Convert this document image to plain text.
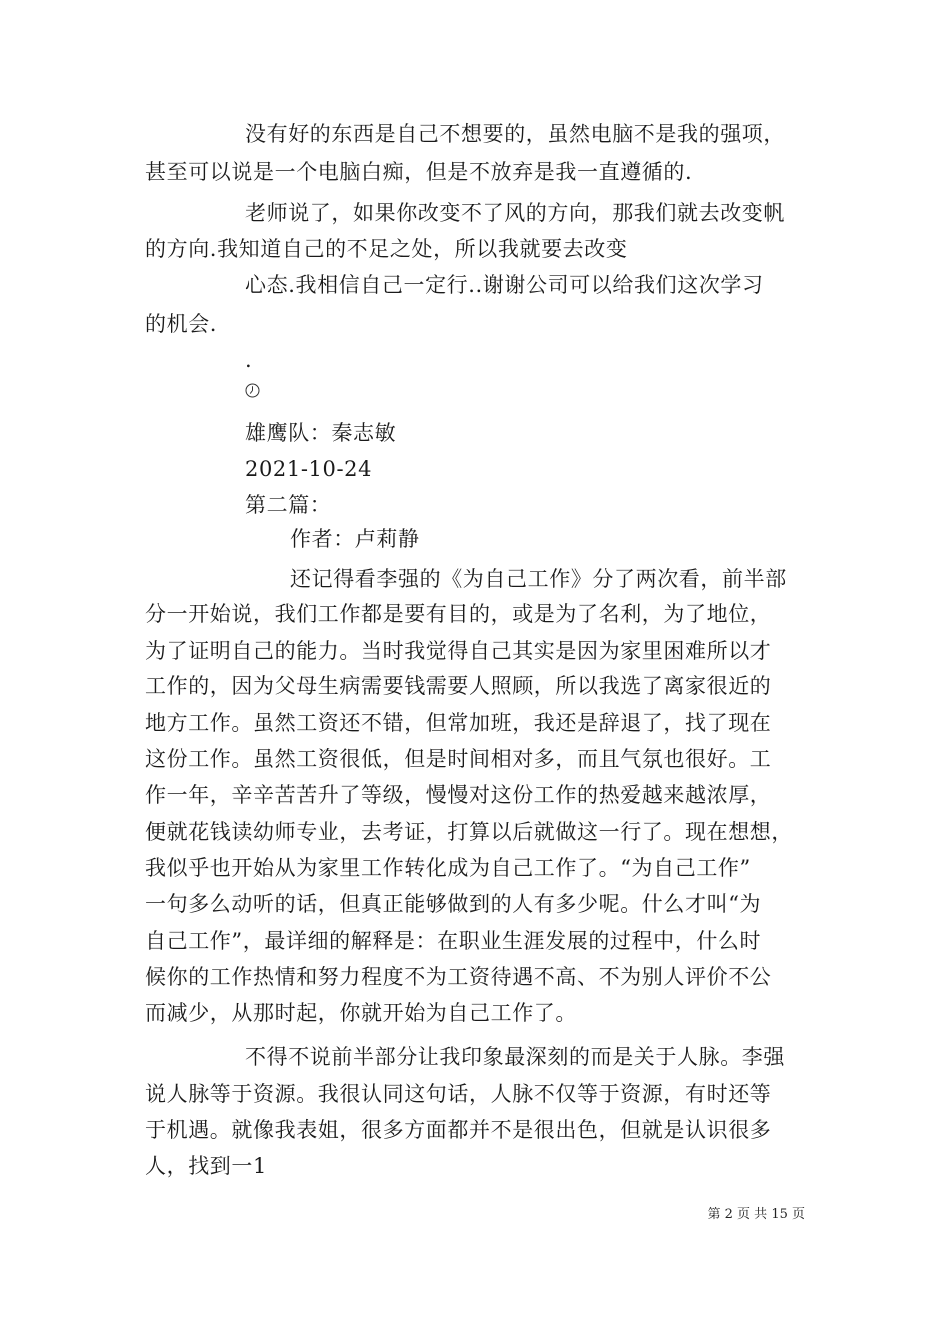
没有好的东西是自己不想要的，虽然电脑不是我的强项，
甚至可以说是一个电脑白痴，但是不放弃是我一直遵循的.
老师说了，如果你改变不了风的方向，那我们就去改变帆
的方向.我知道自己的不足之处，所以我就要去改变
心态.我相信自己一定行..谢谢公司可以给我们这次学习
的机会.
.
雄鹰队：秦志敏
2021-10-24
第二篇：
作者：卢莉静
还记得看李强的《为自己工作》分了两次看，前半部
分一开始说，我们工作都是要有目的，或是为了名利，为了地位，
为了证明自己的能力。当时我觉得自己其实是因为家里困难所以才
工作的，因为父母生病需要钱需要人照顾，所以我选了离家很近的
地方工作。虽然工资还不错，但常加班，我还是辞退了，找了现在
这份工作。虽然工资很低，但是时间相对多，而且气氛也很好。工
作一年，辛辛苦苦升了等级，慢慢对这份工作的热爱越来越浓厚，
便就花钱读幼师专业，去考证，打算以后就做这一行了。现在想想，
我似乎也开始从为家里工作转化成为自己工作了。“为自己工作”
一句多么动听的话，但真正能够做到的人有多少呢。什么才叫“为
自己工作”，最详细的解释是：在职业生涯发展的过程中，什么时
候你的工作热情和努力程度不为工资待遇不高、不为别人评价不公
而减少，从那时起，你就开始为自己工作了。
不得不说前半部分让我印象最深刻的而是关于人脉。李强
说人脉等于资源。我很认同这句话，人脉不仅等于资源，有时还等
于机遇。就像我表姐，很多方面都并不是很出色，但就是认识很多
人，找到一1
第 2 页 共 15 页
